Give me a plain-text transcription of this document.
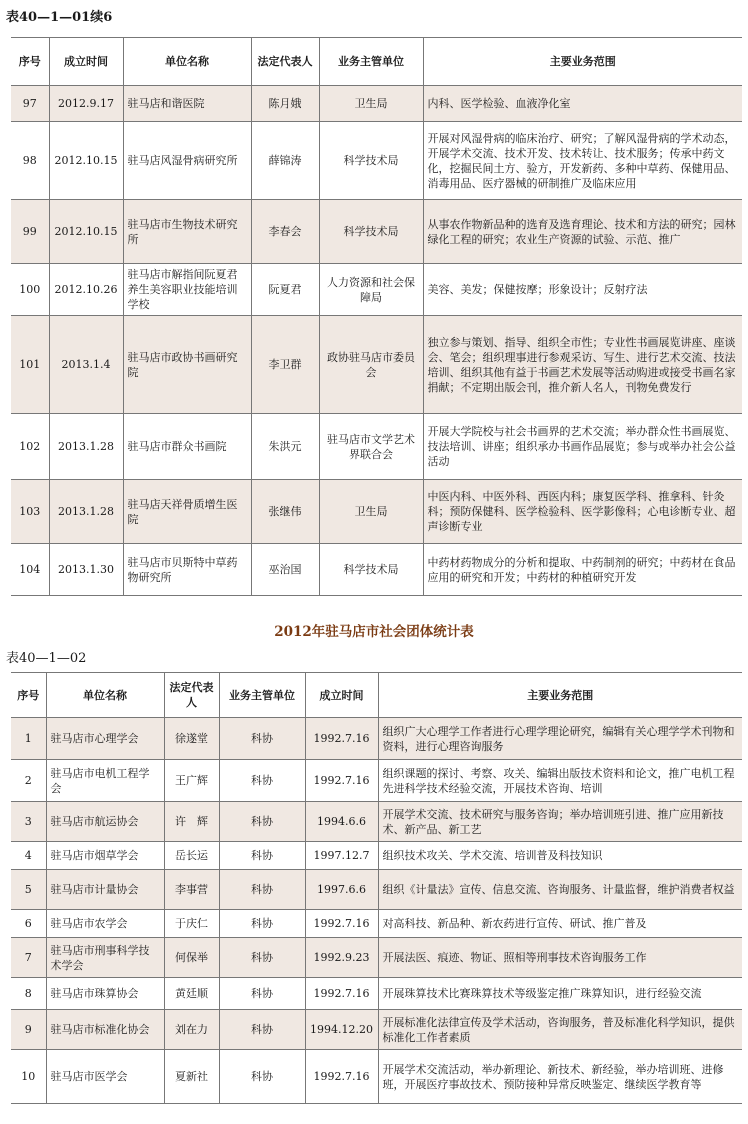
表40—1—01续6
序号	成立时间	单位名称	法定代表人	业务主管单位	主要业务范围
97	2012.9.17	驻马店和谐医院	陈月娥	卫生局	内科、医学检验、血液净化室
98	2012.10.15	驻马店风湿骨病研究所	薛锦涛	科学技术局	开展对风湿骨病的临床治疗、研究；了解风湿骨病的学术动态，开展学术交流、技术开发、技术转让、技术服务；传承中药文化，挖掘民间土方、验方，开发新药、多种中草药、保健用品、消毒用品、医疗器械的研制推广及临床应用
99	2012.10.15	驻马店市生物技术研究所	李春会	科学技术局	从事农作物新品种的选育及选育理论、技术和方法的研究；园林绿化工程的研究；农业生产资源的试验、示范、推广
100	2012.10.26	驻马店市解指间阮夏君养生美容职业技能培训学校	阮夏君	人力资源和社会保障局	美容、美发；保健按摩；形象设计；反射疗法
101	2013.1.4	驻马店市政协书画研究院	李卫群	政协驻马店市委员会	独立参与策划、指导、组织全市性；专业性书画展览讲座、座谈会、笔会；组织理事进行参观采访、写生、进行艺术交流、技法培训、组织其他有益于书画艺术发展等活动购进或接受书画名家捐献；不定期出版会刊，推介新人名人，刊物免费发行
102	2013.1.28	驻马店市群众书画院	朱洪元	驻马店市文学艺术界联合会	开展大学院校与社会书画界的艺术交流；举办群众性书画展览、技法培训、讲座；组织承办书画作品展览；参与或举办社会公益活动
103	2013.1.28	驻马店天祥骨质增生医院	张继伟	卫生局	中医内科、中医外科、西医内科；康复医学科、推拿科、针灸科；预防保健科、医学检验科、医学影像科；心电诊断专业、超声诊断专业
104	2013.1.30	驻马店市贝斯特中草药物研究所	巫治国	科学技术局	中药材药物成分的分析和提取、中药制剂的研究；中药材在食品应用的研究和开发；中药材的种植研究开发
2012年驻马店市社会团体统计表
表40—1—02
序号	单位名称	法定代表人	业务主管单位	成立时间	主要业务范围
1	驻马店市心理学会	徐遂堂	科协	1992.7.16	组织广大心理学工作者进行心理学理论研究，编辑有关心理学学术刊物和资料，进行心理咨询服务
2	驻马店市电机工程学会	王广辉	科协	1992.7.16	组织课题的探讨、考察、攻关、编辑出版技术资料和论文，推广电机工程先进科学技术经验交流，开展技术咨询、培训
3	驻马店市航运协会	许　辉	科协	1994.6.6	开展学术交流、技术研究与服务咨询；举办培训班引进、推广应用新技术、新产品、新工艺
4	驻马店市烟草学会	岳长运	科协	1997.12.7	组织技术攻关、学术交流、培训普及科技知识
5	驻马店市计量协会	李事营	科协	1997.6.6	组织《计量法》宣传、信息交流、咨询服务、计量监督，维护消费者权益
6	驻马店市农学会	于庆仁	科协	1992.7.16	对高科技、新品种、新农药进行宣传、研试、推广普及
7	驻马店市刑事科学技术学会	何保举	科协	1992.9.23	开展法医、痕迹、物证、照相等刑事技术咨询服务工作
8	驻马店市珠算协会	黄廷顺	科协	1992.7.16	开展珠算技术比赛珠算技术等级鉴定推广珠算知识，进行经验交流
9	驻马店市标准化协会	刘在力	科协	1994.12.20	开展标准化法律宣传及学术活动，咨询服务，普及标准化科学知识，提供标准化工作者素质
10	驻马店市医学会	夏新社	科协	1992.7.16	开展学术交流活动，举办新理论、新技术、新经验，举办培训班、进修班，开展医疗事故技术、预防接种异常反映鉴定、继续医学教育等
